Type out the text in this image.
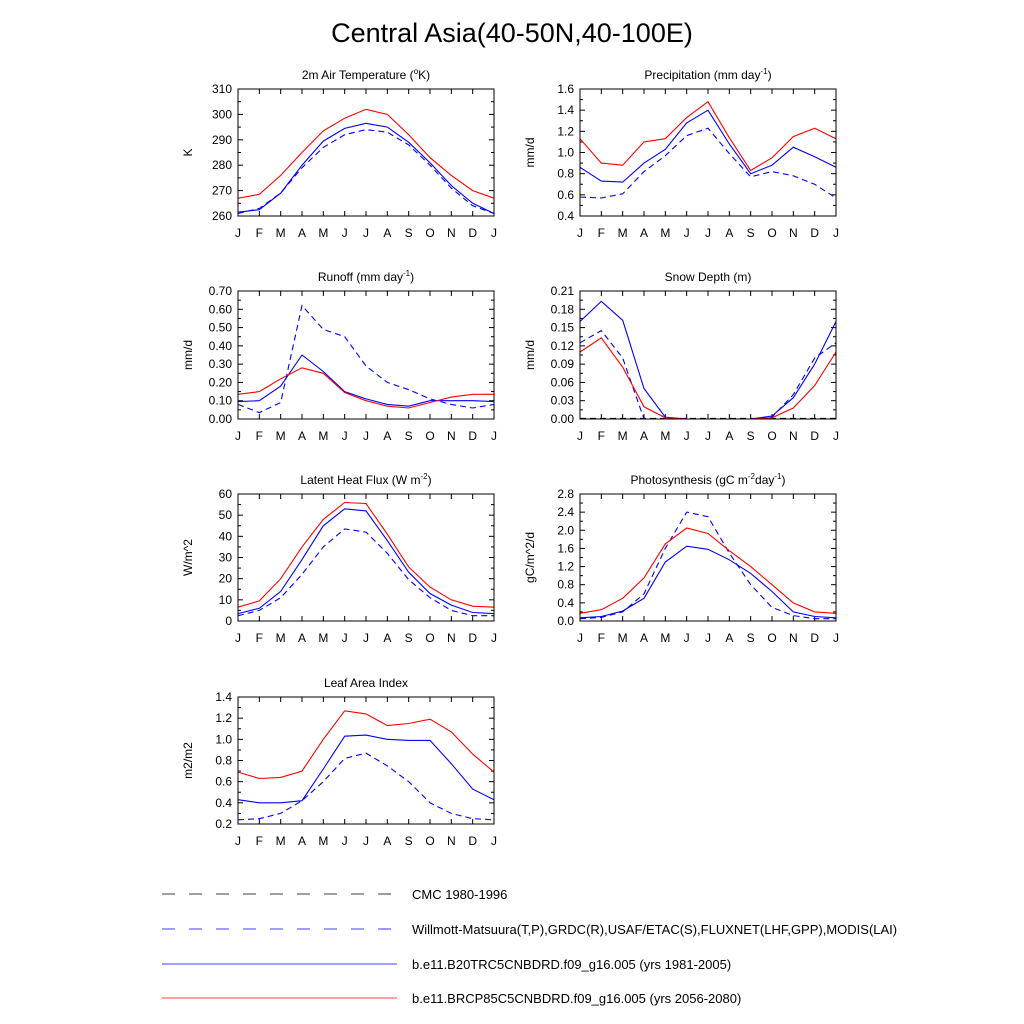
Central Asia(40-50N,40-100E)
2m Air Temperature ($^o$K)
K
260
270
280
290
300
310
J F M A M J J A S O N D J
Precipitation (mm day$^{-1}$)
mm/d
0.4
0.6
0.8
1.0
1.2
1.4
1.6
J F M A M J J A S O N D J
Runoff (mm day$^{-1}$)
mm/d
0.00
0.10
0.20
0.30
0.40
0.50
0.60
0.70
J F M A M J J A S O N D J
Snow Depth (m)
mm/d
0.00
0.03
0.06
0.09
0.12
0.15
0.18
0.21
J F M A M J J A S O N D J
Latent Heat Flux (W $m^{-2}$)
W/m^2
0
10
20
30
40
50
60
J F M A M J J A S O N D J
Photosynthesis (gC $m^{-2}day^{-1}$)
gC/m^2/d
0.0
0.4
0.8
1.2
1.6
2.0
2.4
2.8
J F M A M J J A S O N D J
Leaf Area Index
m2/m2
0.2
0.4
0.6
0.8
1.0
1.2
1.4
J F M A M J J A S O N D J
CMC 1980-1996
Willmott-Matsuura(T,P),GRDC(R),USAF/ETAC(S),FLUXNET(LHF,GPP),MODIS(LAI)
b.e11.B20TRC5CNBDRD.f09_g16.005 (yrs 1981-2005)
b.e11.BRCP85C5CNBDRD.f09_g16.005 (yrs 2056-2080)
